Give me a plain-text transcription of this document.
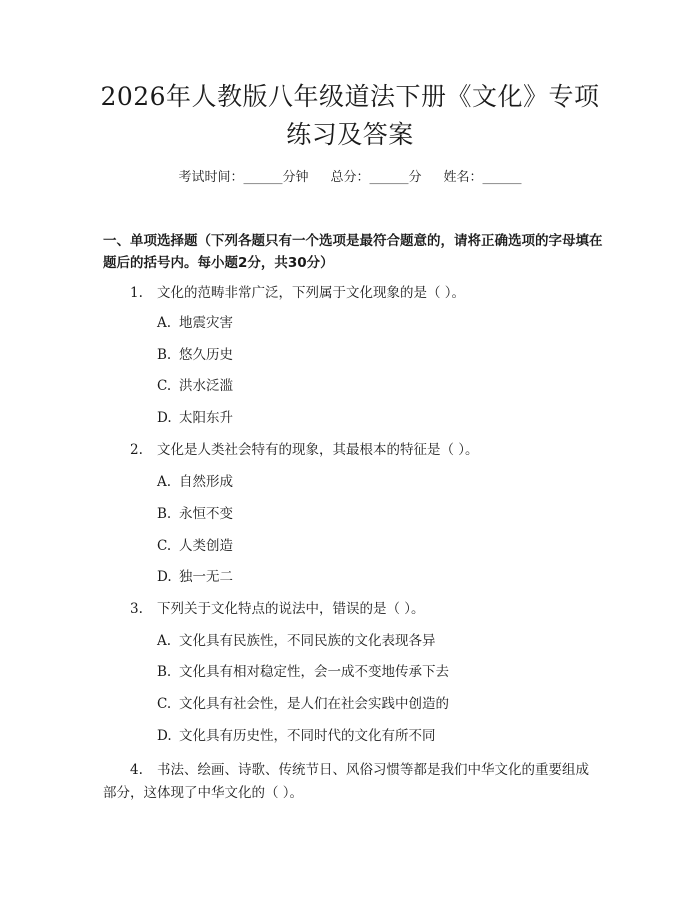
2026年人教版八年级道法下册《文化》专项
练习及答案
考试时间：______分钟 总分：______分 姓名：______
一、单项选择题（下列各题只有一个选项是最符合题意的，请将正确选项的字母填在题后的括号内。每小题2分，共30分）
1. 文化的范畴非常广泛，下列属于文化现象的是（ ）。
A. 地震灾害
B. 悠久历史
C. 洪水泛滥
D. 太阳东升
2. 文化是人类社会特有的现象，其最根本的特征是（ ）。
A. 自然形成
B. 永恒不变
C. 人类创造
D. 独一无二
3. 下列关于文化特点的说法中，错误的是（ ）。
A. 文化具有民族性，不同民族的文化表现各异
B. 文化具有相对稳定性，会一成不变地传承下去
C. 文化具有社会性，是人们在社会实践中创造的
D. 文化具有历史性，不同时代的文化有所不同
4. 书法、绘画、诗歌、传统节日、风俗习惯等都是我们中华文化的重要组成部分，这体现了中华文化的（ ）。
